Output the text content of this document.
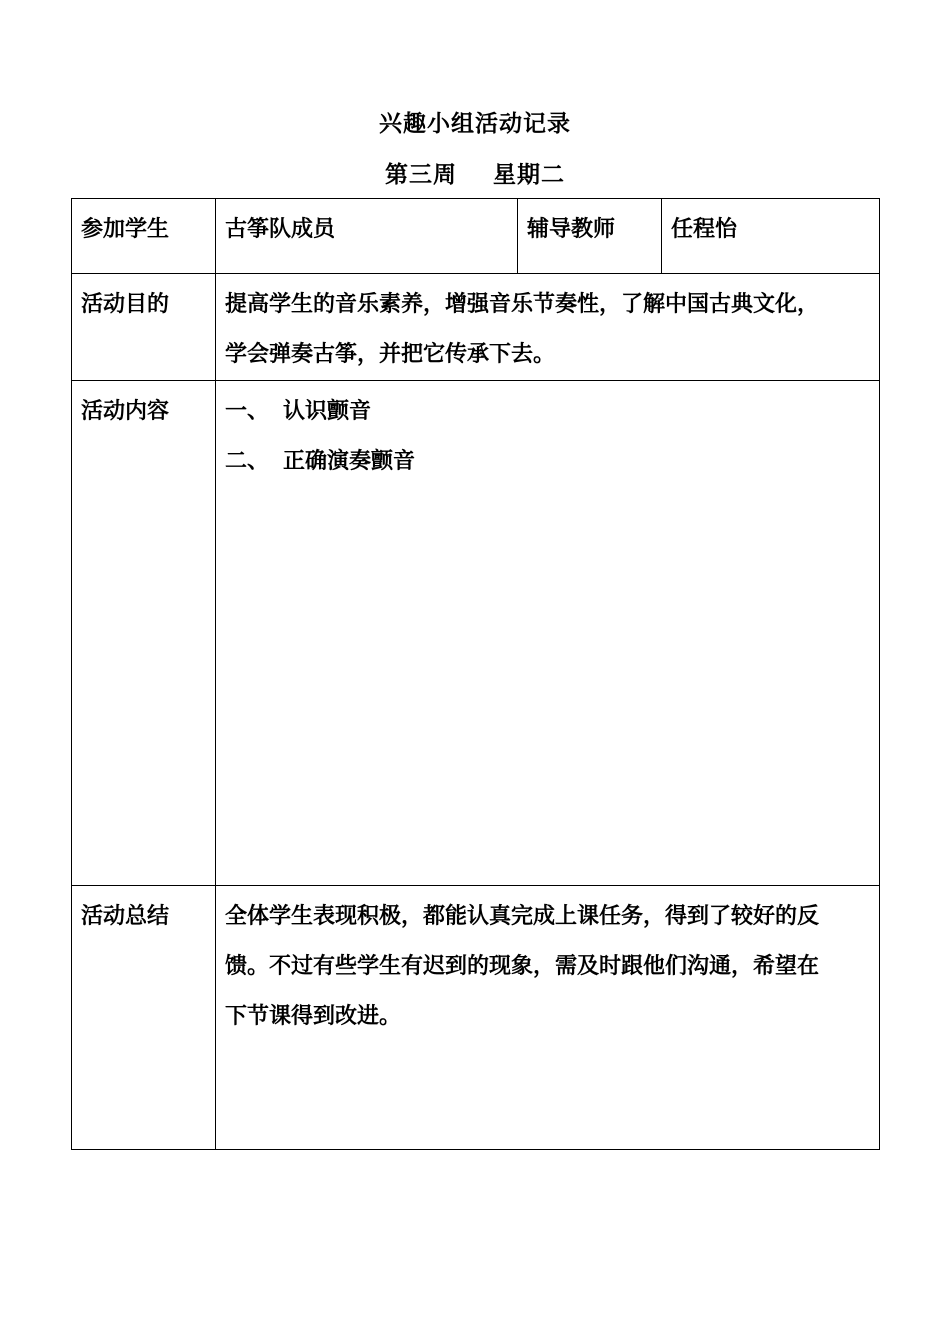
兴趣小组活动记录
第三周 星期二
参加学生	古筝队成员	辅导教师	任程怡
活动目的	提高学生的音乐素养，增强音乐节奏性，了解中国古典文化，
学会弹奏古筝，并把它传承下去。		

活动内容	一、 认识颤音
二、 正确演奏颤音		

活动总结	全体学生表现积极，都能认真完成上课任务，得到了较好的反
馈。不过有些学生有迟到的现象，需及时跟他们沟通，希望在
下节课得到改进。		
